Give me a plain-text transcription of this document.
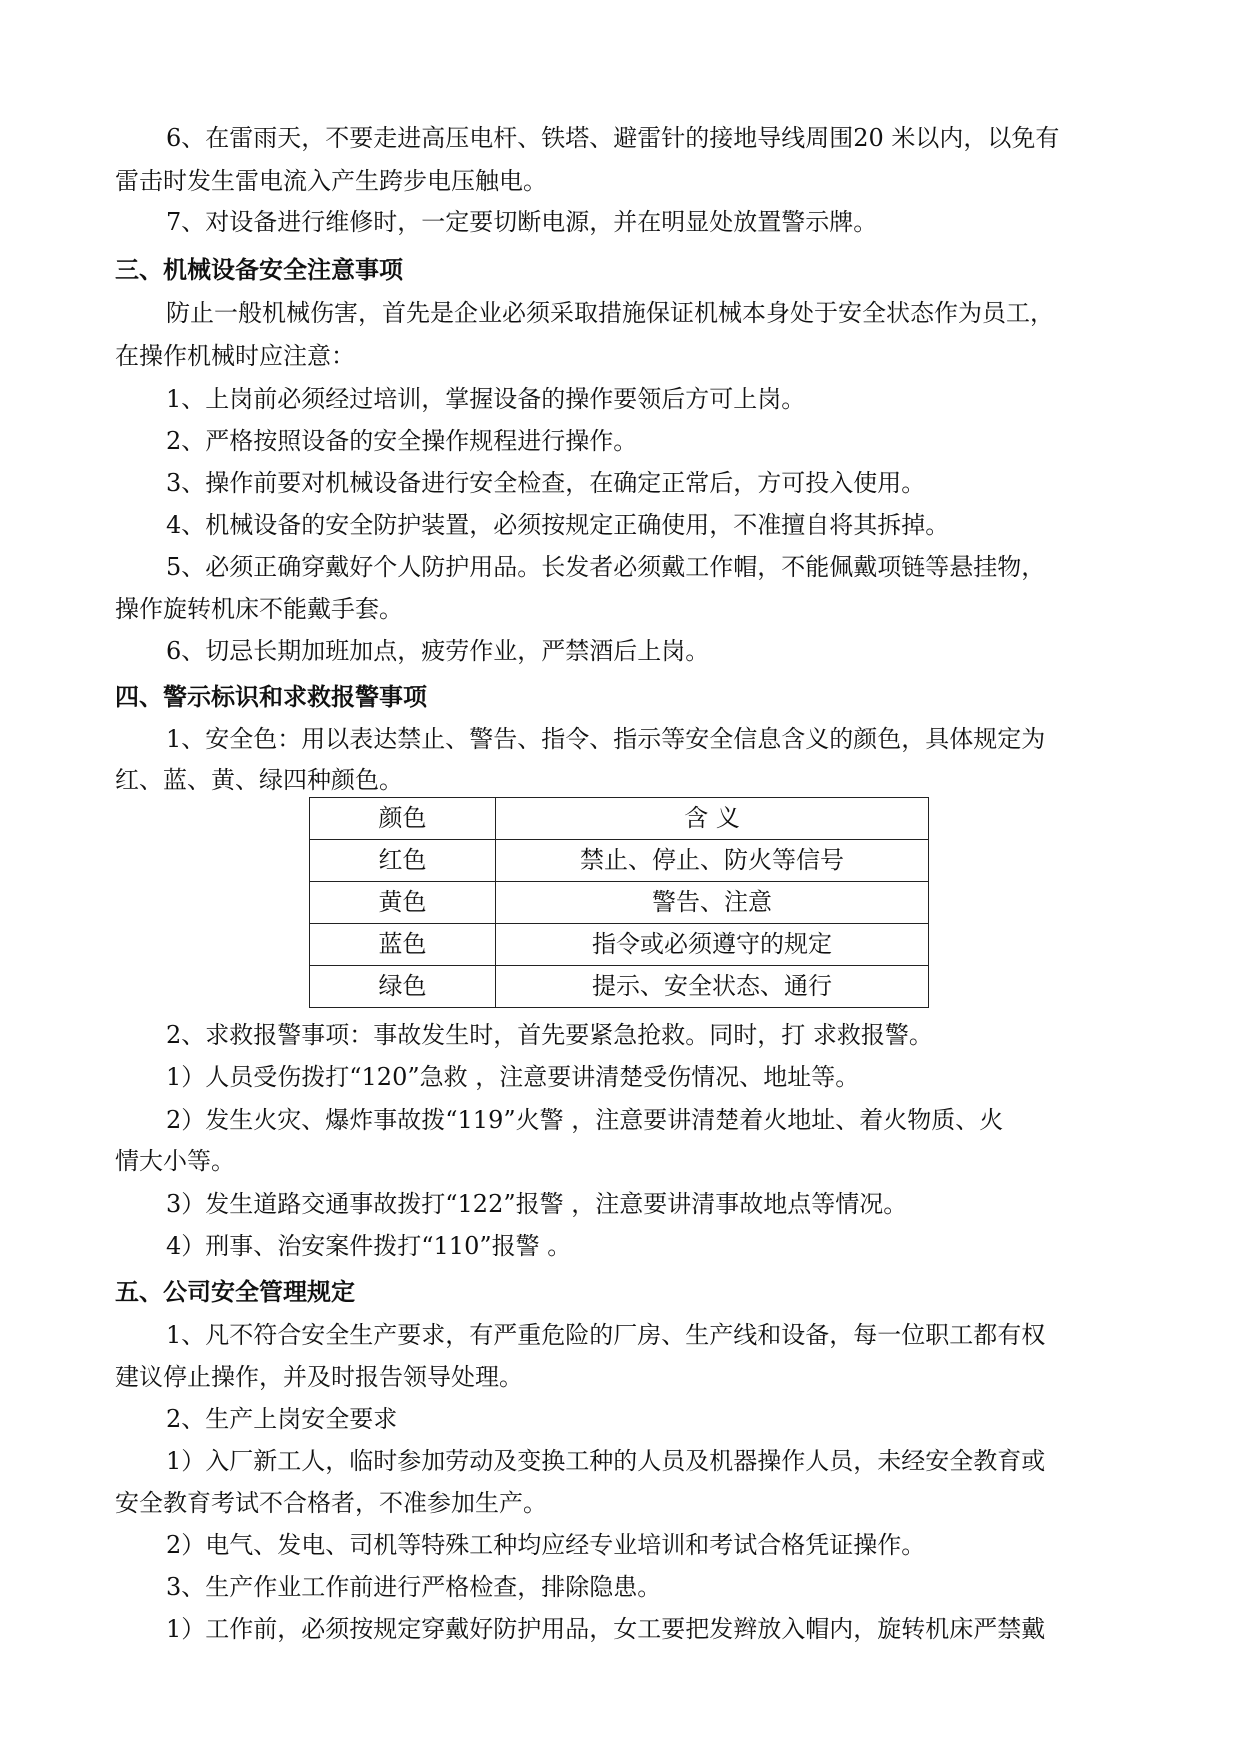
6、在雷雨天，不要走进高压电杆、铁塔、避雷针的接地导线周围20 米以内，以免有
雷击时发生雷电流入产生跨步电压触电。
7、对设备进行维修时，一定要切断电源，并在明显处放置警示牌。
三、机械设备安全注意事项
防止一般机械伤害，首先是企业必须采取措施保证机械本身处于安全状态作为员工，
在操作机械时应注意：
1、上岗前必须经过培训，掌握设备的操作要领后方可上岗。
2、严格按照设备的安全操作规程进行操作。
3、操作前要对机械设备进行安全检查，在确定正常后，方可投入使用。
4、机械设备的安全防护装置，必须按规定正确使用，不准擅自将其拆掉。
5、必须正确穿戴好个人防护用品。长发者必须戴工作帽，不能佩戴项链等悬挂物，
操作旋转机床不能戴手套。
6、切忌长期加班加点，疲劳作业，严禁酒后上岗。
四、警示标识和求救报警事项
1、安全色：用以表达禁止、警告、指令、指示等安全信息含义的颜色，具体规定为
红、蓝、黄、绿四种颜色。
颜色	含 义
红色	禁止、停止、防火等信号
黄色	警告、注意
蓝色	指令或必须遵守的规定
绿色	提示、安全状态、通行
2、求救报警事项：事故发生时，首先要紧急抢救。同时，打 求救报警。
1）人员受伤拨打“120”急救 ，注意要讲清楚受伤情况、地址等。
2）发生火灾、爆炸事故拨“119”火警 ，注意要讲清楚着火地址、着火物质、火
情大小等。
3）发生道路交通事故拨打“122”报警 ，注意要讲清事故地点等情况。
4）刑事、治安案件拨打“110”报警 。
五、公司安全管理规定
1、凡不符合安全生产要求，有严重危险的厂房、生产线和设备，每一位职工都有权
建议停止操作，并及时报告领导处理。
2、生产上岗安全要求
1）入厂新工人，临时参加劳动及变换工种的人员及机器操作人员，未经安全教育或
安全教育考试不合格者，不准参加生产。
2）电气、发电、司机等特殊工种均应经专业培训和考试合格凭证操作。
3、生产作业工作前进行严格检查，排除隐患。
1）工作前，必须按规定穿戴好防护用品，女工要把发辫放入帽内，旋转机床严禁戴
